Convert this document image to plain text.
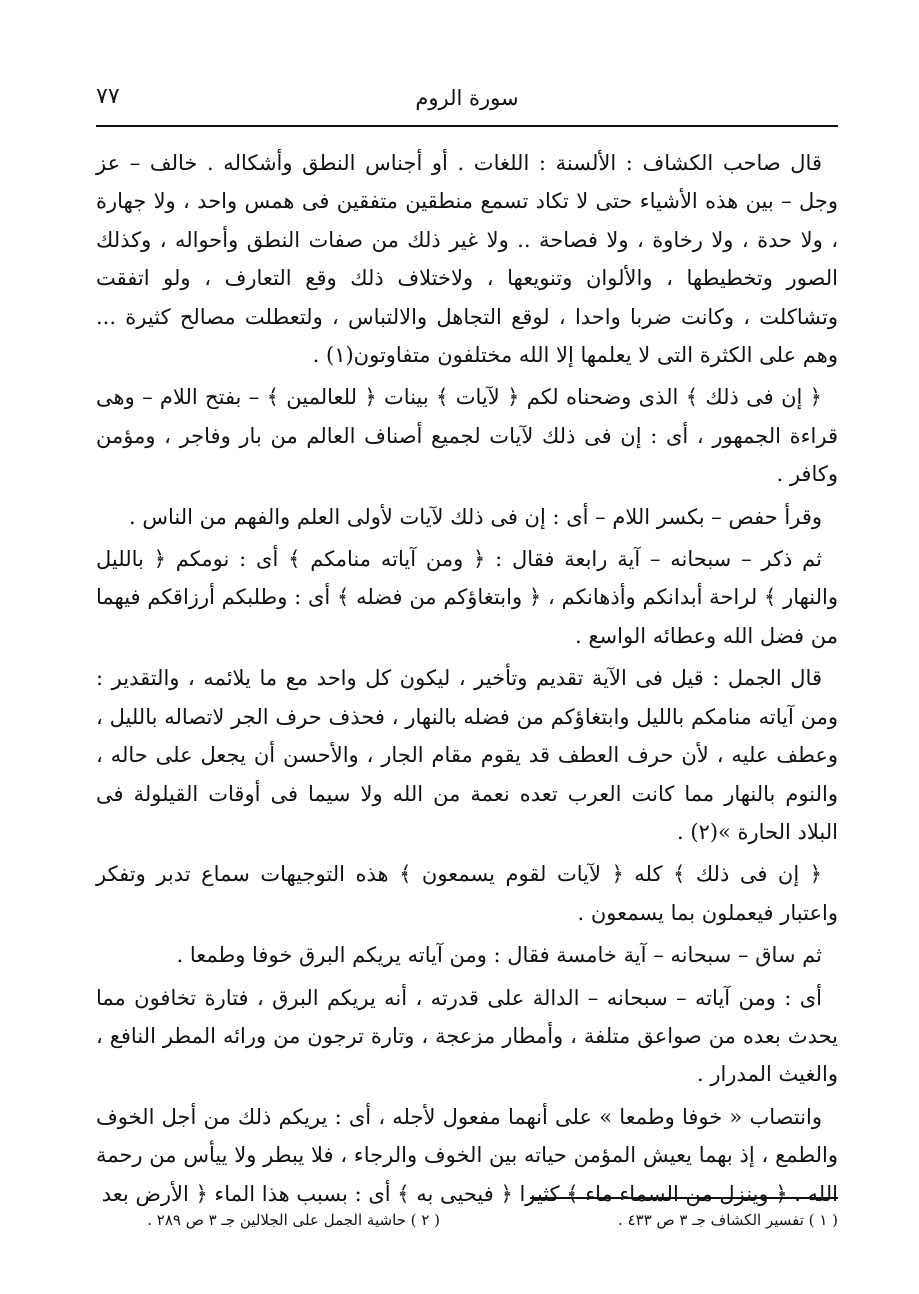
سورة الروم
٧٧

قال صاحب الكشاف : الألسنة : اللغات . أو أجناس النطق وأشكاله . خالف – عز وجل – بين هذه الأشياء حتى لا تكاد تسمع منطقين متفقين فى همس واحد ، ولا جهارة ، ولا حدة ، ولا رخاوة ، ولا فصاحة .. ولا غير ذلك من صفات النطق وأحواله ، وكذلك الصور وتخطيطها ، والألوان وتنويعها ، ولاختلاف ذلك وقع التعارف ، ولو اتفقت وتشاكلت ، وكانت ضربا واحدا ، لوقع التجاهل والالتباس ، ولتعطلت مصالح كثيرة ... وهم على الكثرة التى لا يعلمها إلا الله مختلفون متفاوتون(١) .

﴿ إن فى ذلك ﴾ الذى وضحناه لكم ﴿ لآيات ﴾ بينات ﴿ للعالمين ﴾ – بفتح اللام – وهى قراءة الجمهور ، أى : إن فى ذلك لآيات لجميع أصناف العالم من بار وفاجر ، ومؤمن وكافر .

وقرأ حفص – بكسر اللام – أى : إن فى ذلك لآيات لأولى العلم والفهم من الناس .

ثم ذكر – سبحانه – آية رابعة فقال : ﴿ ومن آياته منامكم ﴾ أى : نومكم ﴿ بالليل والنهار ﴾ لراحة أبدانكم وأذهانكم ، ﴿ وابتغاؤكم من فضله ﴾ أى : وطلبكم أرزاقكم فيهما من فضل الله وعطائه الواسع .

قال الجمل : قيل فى الآية تقديم وتأخير ، ليكون كل واحد مع ما يلائمه ، والتقدير : ومن آياته منامكم بالليل وابتغاؤكم من فضله بالنهار ، فحذف حرف الجر لاتصاله بالليل ، وعطف عليه ، لأن حرف العطف قد يقوم مقام الجار ، والأحسن أن يجعل على حاله ، والنوم بالنهار مما كانت العرب تعده نعمة من الله ولا سيما فى أوقات القيلولة فى البلاد الحارة »(٢) .

﴿ إن فى ذلك ﴾ كله ﴿ لآيات لقوم يسمعون ﴾ هذه التوجيهات سماع تدبر وتفكر واعتبار فيعملون بما يسمعون .

ثم ساق – سبحانه – آية خامسة فقال : ومن آياته يريكم البرق خوفا وطمعا .

أى : ومن آياته – سبحانه – الدالة على قدرته ، أنه يريكم البرق ، فتارة تخافون مما يحدث بعده من صواعق متلفة ، وأمطار مزعجة ، وتارة ترجون من ورائه المطر النافع ، والغيث المدرار .

وانتصاب « خوفا وطمعا » على أنهما مفعول لأجله ، أى : يريكم ذلك من أجل الخوف والطمع ، إذ بهما يعيش المؤمن حياته بين الخوف والرجاء ، فلا يبطر ولا ييأس من رحمة الله . ﴿ وينزل من السماء ماء ﴾ كثيرا ﴿ فيحيى به ﴾ أى : بسبب هذا الماء ﴿ الأرض بعد

( ١ ) تفسير الكشاف جـ ٣ ص ٤٣٣ .
( ٢ ) حاشية الجمل على الجلالين جـ ٣ ص ٢٨٩ .
